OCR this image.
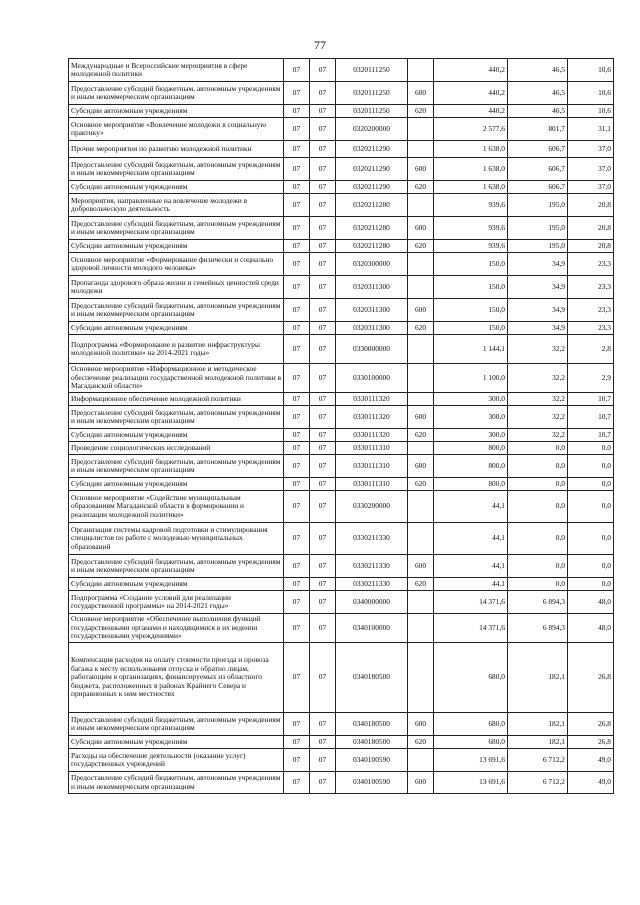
77
Международные и Всероссийские мероприятия в сфере молодежной политики	07	07	0320111250		440,2	46,5	10,6
Предоставление субсидий бюджетным, автономным учреждениям и иным некоммерческим организациям	07	07	0320111250	600	440,2	46,5	10,6
Субсидии автономным учреждениям	07	07	0320111250	620	440,2	46,5	10,6
Основное мероприятие «Вовлечение молодежи в социальную практику»	07	07	0320200000		2 577,6	801,7	31,1
Прочие мероприятия по развитию молодежной политики	07	07	0320211290		1 638,0	606,7	37,0
Предоставление субсидий бюджетным, автономным учреждениям и иным некоммерческим организациям	07	07	0320211290	600	1 638,0	606,7	37,0
Субсидии автономным учреждениям	07	07	0320211290	620	1 638,0	606,7	37,0
Мероприятия, направленные на вовлечение молодежи в добровольческую деятельность	07	07	0320211280		939,6	195,0	20,8
Предоставление субсидий бюджетным, автономным учреждениям и иным некоммерческим организациям	07	07	0320211280	600	939,6	195,0	20,8
Субсидии автономным учреждениям	07	07	0320211280	620	939,6	195,0	20,8
Основное мероприятие «Формирование физически и социально здоровой личности молодого человека»	07	07	0320300000		150,0	34,9	23,3
Пропаганда здорового образа жизни и семейных ценностей среди молодежи	07	07	0320311300		150,0	34,9	23,3
Предоставление субсидий бюджетным, автономным учреждениям и иным некоммерческим организациям	07	07	0320311300	600	150,0	34,9	23,3
Субсидии автономным учреждениям	07	07	0320311300	620	150,0	34,9	23,3
Подпрограмма «Формирование и развитие инфраструктуры молодежной политики» на 2014-2021 годы»	07	07	0330000000		1 144,1	32,2	2,8
Основное мероприятие «Информационное и методическое обеспечение реализации государственной молодежной политики в Магаданской области»	07	07	0330100000		1 100,0	32,2	2,9
Информационное обеспечение молодежной политики	07	07	0330111320		300,0	32,2	10,7
Предоставление субсидий бюджетным, автономным учреждениям и иным некоммерческим организациям	07	07	0330111320	600	300,0	32,2	10,7
Субсидии автономным учреждениям	07	07	0330111320	620	300,0	32,2	10,7
Проведение социологических исследований	07	07	0330111310		800,0	0,0	0,0
Предоставление субсидий бюджетным, автономным учреждениям и иным некоммерческим организациям	07	07	0330111310	600	800,0	0,0	0,0
Субсидии автономным учреждениям	07	07	0330111310	620	800,0	0,0	0,0
Основное мероприятие «Содействие муниципальным образованиям Магаданской области в формировании и реализации молодежной политики»	07	07	0330200000		44,1	0,0	0,0
Организация системы кадровой подготовки и стимулирования специалистов по работе с молодежью муниципальных образований	07	07	0330211330		44,1	0,0	0,0
Предоставление субсидий бюджетным, автономным учреждениям и иным некоммерческим организациям	07	07	0330211330	600	44,1	0,0	0,0
Субсидии автономным учреждениям	07	07	0330211330	620	44,1	0,0	0,0
Подпрограмма «Создание условий для реализации государственной программы» на 2014-2021 годы»	07	07	0340000000		14 371,6	6 894,3	48,0
Основное мероприятие «Обеспечение выполнения функций государственными органами и находящимися в их ведении государственными учреждениями»	07	07	0340100000		14 371,6	6 894,3	48,0
Компенсация расходов на оплату стоимости проезда и провоза багажа к месту использования отпуска и обратно лицам, работающим в организациях, финансируемых из областного бюджета, расположенных в районах Крайнего Севера и приравненных к ним местностях	07	07	0340180500		680,0	182,1	26,8
Предоставление субсидий бюджетным, автономным учреждениям и иным некоммерческим организациям	07	07	0340180500	600	680,0	182,1	26,8
Субсидии автономным учреждениям	07	07	0340180500	620	680,0	182,1	26,8
Расходы на обеспечение деятельности (оказание услуг) государственных учреждений	07	07	0340100590		13 691,6	6 712,2	49,0
Предоставление субсидий бюджетным, автономным учреждениям и иным некоммерческим организациям	07	07	0340100590	600	13 691,6	6 712,2	49,0
